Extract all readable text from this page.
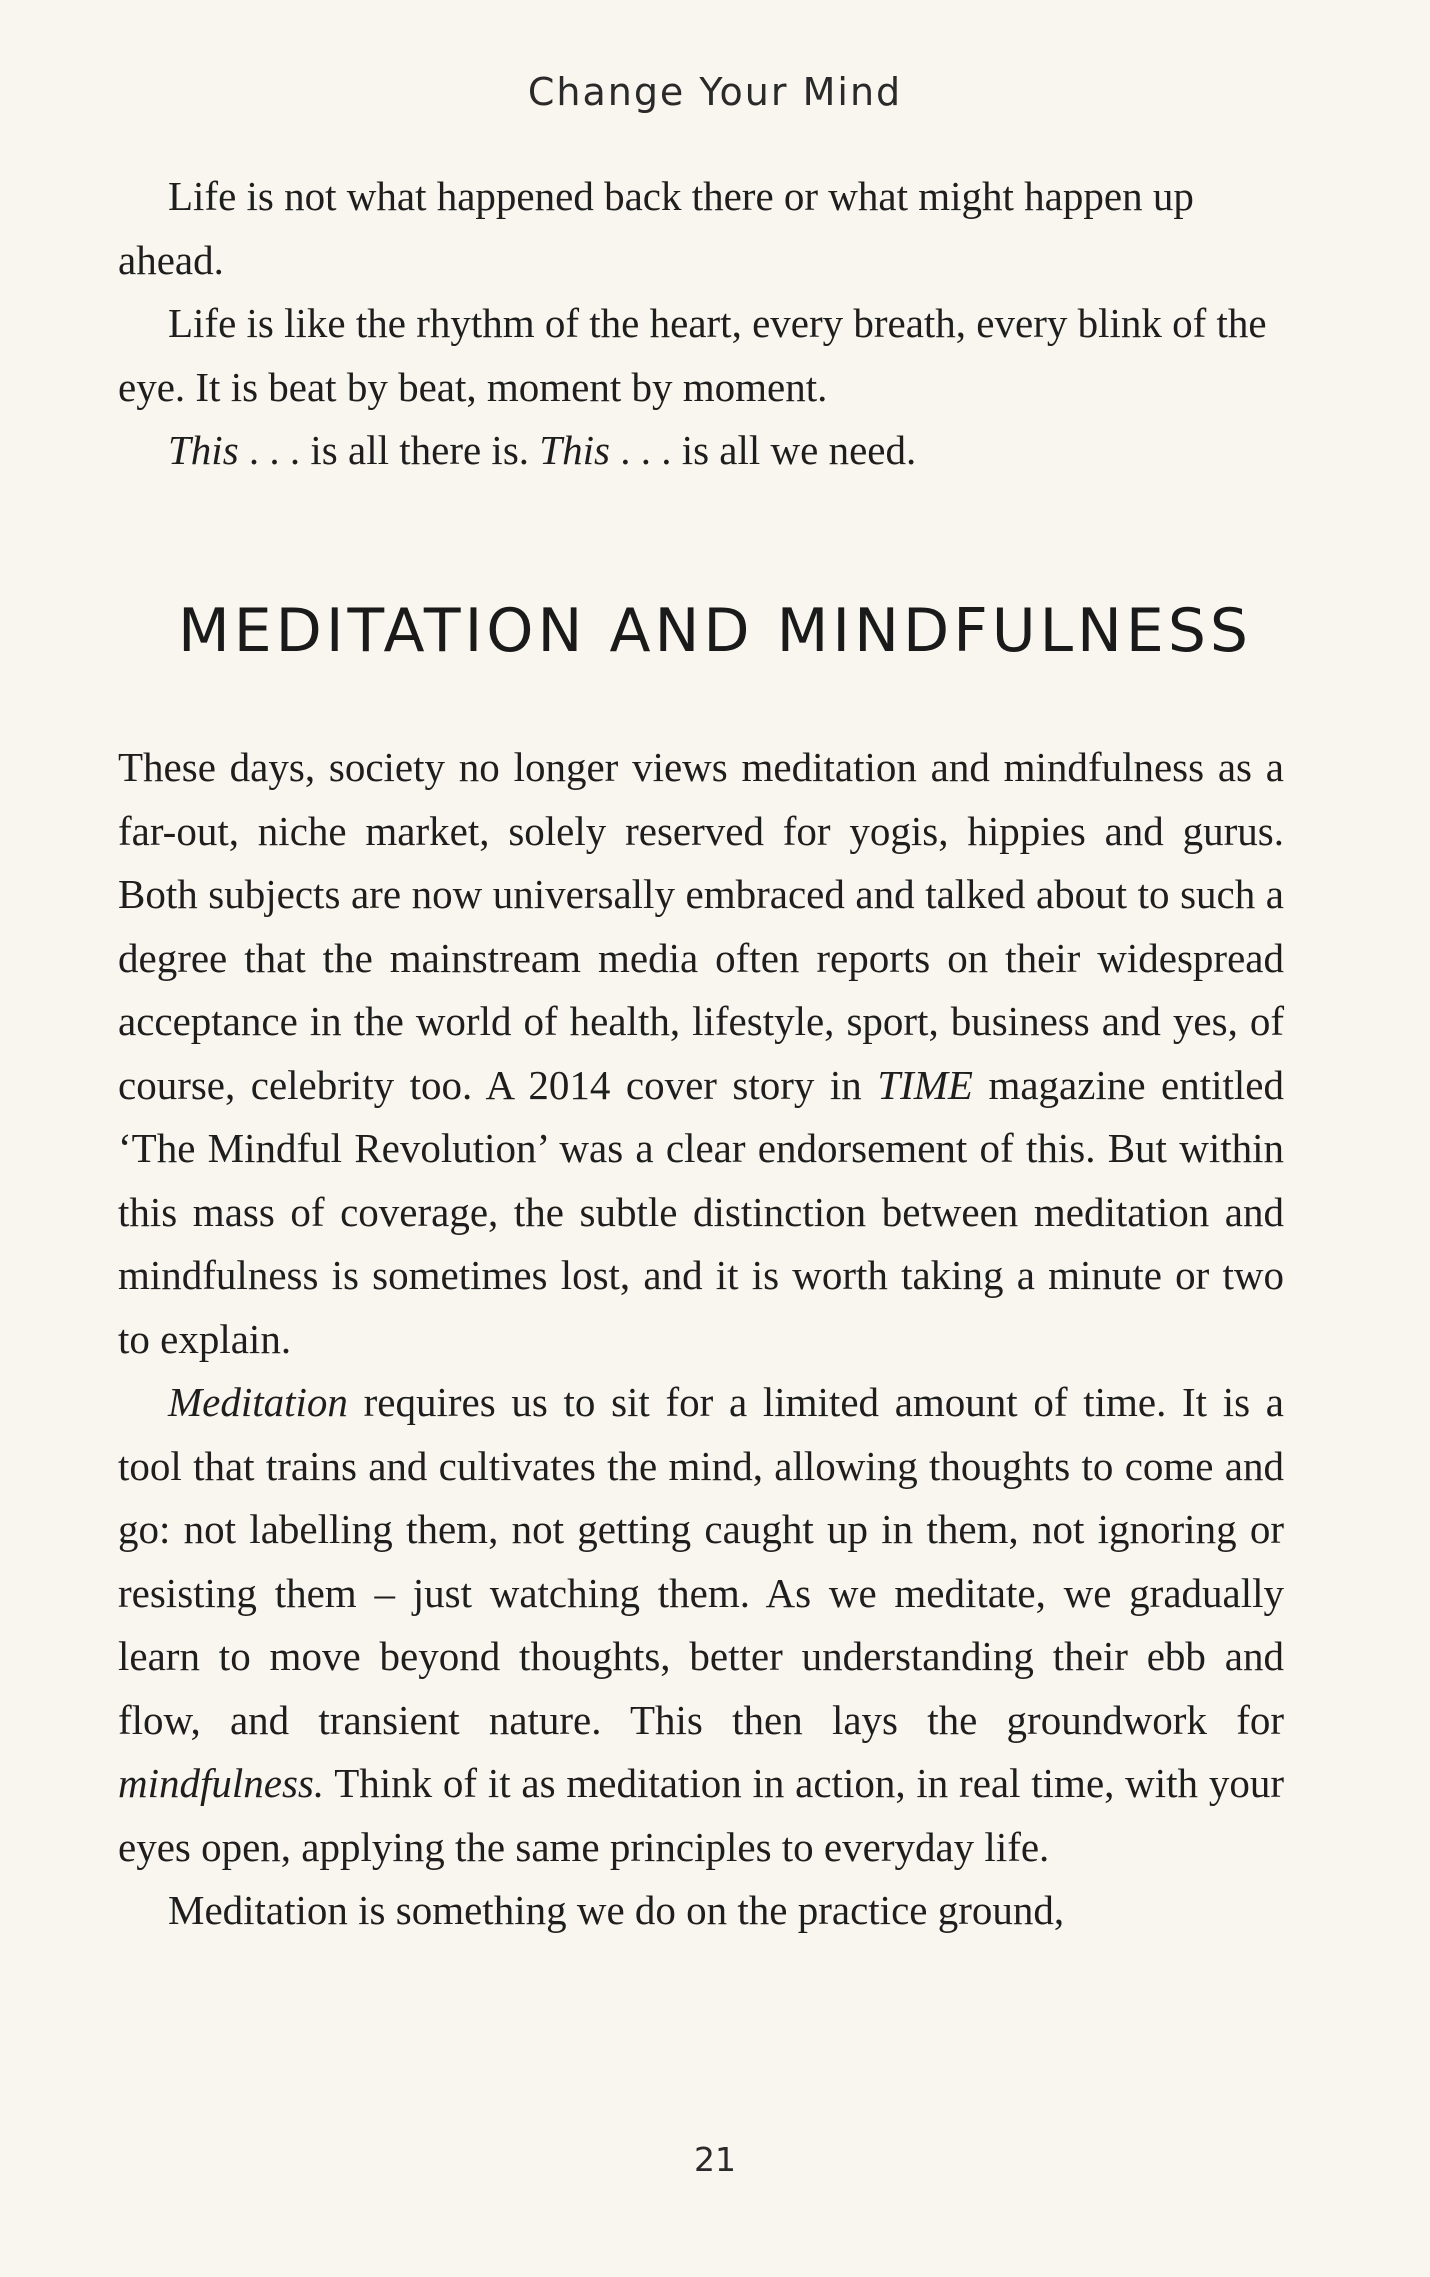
Change Your Mind

Life is not what happened back there or what might happen up ahead.

Life is like the rhythm of the heart, every breath, every blink of the eye. It is beat by beat, moment by moment.

This . . . is all there is. This . . . is all we need.

MEDITATION AND MINDFULNESS

These days, society no longer views meditation and mindfulness as a far-out, niche market, solely reserved for yogis, hippies and gurus. Both subjects are now universally embraced and talked about to such a degree that the mainstream media often reports on their widespread acceptance in the world of health, lifestyle, sport, business and yes, of course, celebrity too. A 2014 cover story in TIME magazine entitled ‘The Mindful Revolution’ was a clear endorsement of this. But within this mass of coverage, the subtle distinction between meditation and mindfulness is sometimes lost, and it is worth taking a minute or two to explain.

Meditation requires us to sit for a limited amount of time. It is a tool that trains and cultivates the mind, allowing thoughts to come and go: not labelling them, not getting caught up in them, not ignoring or resisting them – just watching them. As we meditate, we gradually learn to move beyond thoughts, better understanding their ebb and flow, and transient nature. This then lays the groundwork for mindfulness. Think of it as meditation in action, in real time, with your eyes open, applying the same principles to everyday life.

Meditation is something we do on the practice ground,

21
